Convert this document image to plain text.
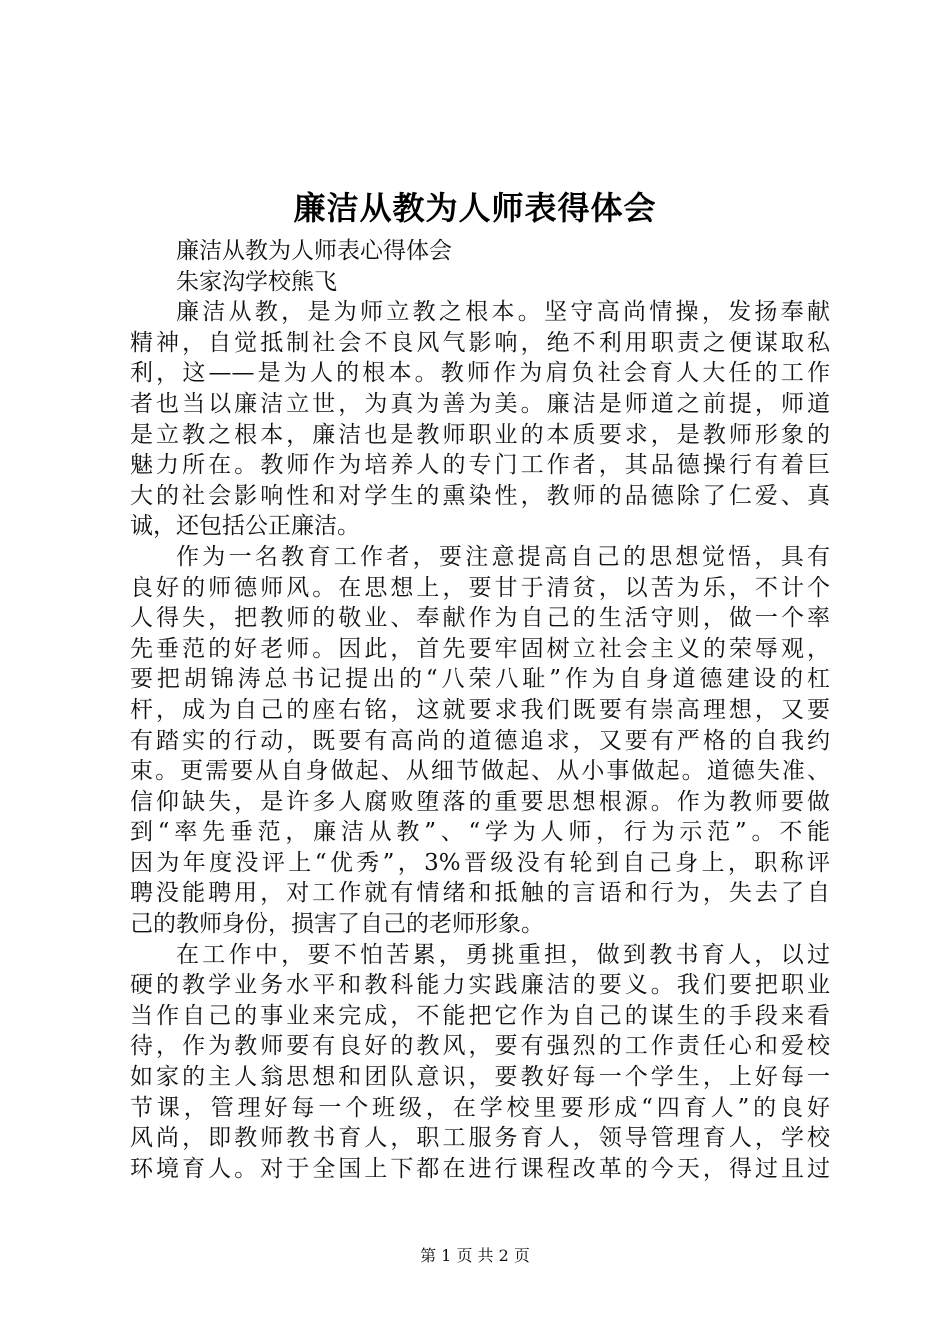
廉洁从教为人师表得体会
廉洁从教为人师表心得体会
朱家沟学校熊飞
廉洁从教，是为师立教之根本。坚守高尚情操，发扬奉献
精神，自觉抵制社会不良风气影响，绝不利用职责之便谋取私
利，这——是为人的根本。教师作为肩负社会育人大任的工作
者也当以廉洁立世，为真为善为美。廉洁是师道之前提，师道
是立教之根本，廉洁也是教师职业的本质要求，是教师形象的
魅力所在。教师作为培养人的专门工作者，其品德操行有着巨
大的社会影响性和对学生的熏染性，教师的品德除了仁爱、真
诚，还包括公正廉洁。
作为一名教育工作者，要注意提高自己的思想觉悟，具有
良好的师德师风。在思想上，要甘于清贫，以苦为乐，不计个
人得失，把教师的敬业、奉献作为自己的生活守则，做一个率
先垂范的好老师。因此，首先要牢固树立社会主义的荣辱观，
要把胡锦涛总书记提出的“八荣八耻”作为自身道德建设的杠
杆，成为自己的座右铭，这就要求我们既要有崇高理想，又要
有踏实的行动，既要有高尚的道德追求，又要有严格的自我约
束。更需要从自身做起、从细节做起、从小事做起。道德失准、
信仰缺失，是许多人腐败堕落的重要思想根源。作为教师要做
到“率先垂范，廉洁从教”、“学为人师，行为示范”。不能
因为年度没评上“优秀”，3%晋级没有轮到自己身上，职称评
聘没能聘用，对工作就有情绪和抵触的言语和行为，失去了自
己的教师身份，损害了自己的老师形象。
在工作中，要不怕苦累，勇挑重担，做到教书育人，以过
硬的教学业务水平和教科能力实践廉洁的要义。我们要把职业
当作自己的事业来完成，不能把它作为自己的谋生的手段来看
待，作为教师要有良好的教风，要有强烈的工作责任心和爱校
如家的主人翁思想和团队意识，要教好每一个学生，上好每一
节课，管理好每一个班级，在学校里要形成“四育人”的良好
风尚，即教师教书育人，职工服务育人，领导管理育人，学校
环境育人。对于全国上下都在进行课程改革的今天，得过且过
第 1 页 共 2 页
